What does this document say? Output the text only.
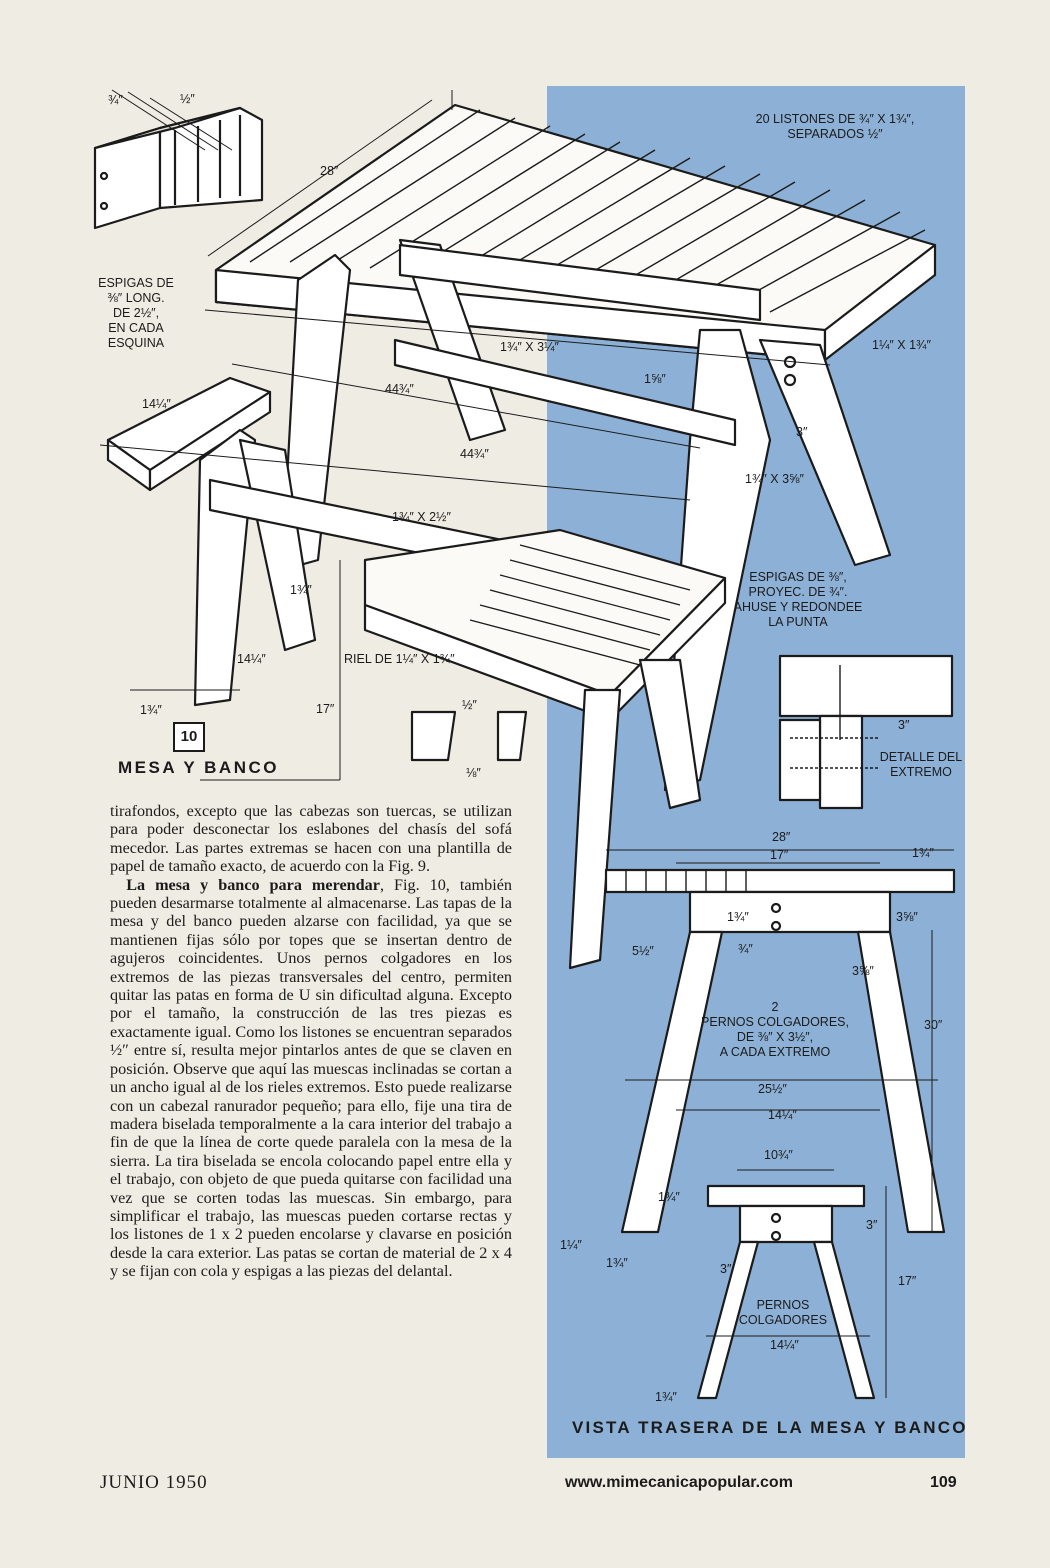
¾″	½″
28″
ESPIGAS DE
⅜″ LONG.
DE 2½″,
EN CADA
ESQUINA
20 LISTONES DE ¾″ X 1¾″,
SEPARADOS ½″
1¾″ X 3¼″	1¼″ X 1¾″
1⅝″
14¼″
44¾″
44¾″
3″
1¾″ X 3⅝″
1¾″ X 2½″
1¾″
14¼″	RIEL DE 1¼″ X 1¾″
17″
1¾″	½″
⅛″
ESPIGAS DE ⅜″,
PROYEC. DE ¾″.
AHUSE Y REDONDEE
LA PUNTA
3″
DETALLE DEL
EXTREMO
10
MESA Y BANCO
28″
17″	1¾″
3⅝″
5½″
1¾″
¾″
3⅝″
2
PERNOS COLGADORES,
DE ⅜″ X 3½″,
A CADA EXTREMO
30″
25½″
14¼″
10¾″
1¾″
3″
1¼″
1¾″	3″
17″
PERNOS
COLGADORES
14¼″
1¾″
VISTA TRASERA DE LA MESA Y BANCO

tirafondos, excepto que las cabezas son tuercas, se utilizan para poder desconectar los eslabones del chasís del sofá mecedor. Las partes extremas se hacen con una plantilla de papel de tamaño exacto, de acuerdo con la Fig. 9.

 La mesa y banco para merendar, Fig. 10, también pueden desarmarse totalmente al almacenarse. Las tapas de la mesa y del banco pueden alzarse con facilidad, ya que se mantienen fijas sólo por topes que se insertan dentro de agujeros coincidentes. Unos pernos colgadores en los extremos de las piezas transversales del centro, permiten quitar las patas en forma de U sin dificultad alguna. Excepto por el tamaño, la construcción de las tres piezas es exactamente igual. Como los listones se encuentran separados ½″ entre sí, resulta mejor pintarlos antes de que se claven en posición. Observe que aquí las muescas inclinadas se cortan a un ancho igual al de los rieles extremos. Esto puede realizarse con un cabezal ranurador pequeño; para ello, fije una tira de madera biselada temporalmente a la cara interior del trabajo a fin de que la línea de corte quede paralela con la mesa de la sierra. La tira biselada se encola colocando papel entre ella y el trabajo, con objeto de que pueda quitarse con facilidad una vez que se corten todas las muescas. Sin embargo, para simplificar el trabajo, las muescas pueden cortarse rectas y los listones de 1 x 2 pueden encolarse y clavarse en posición desde la cara exterior. Las patas se cortan de material de 2 x 4 y se fijan con cola y espigas a las piezas del delantal.

JUNIO 1950	www.mimecanicapopular.com	109
